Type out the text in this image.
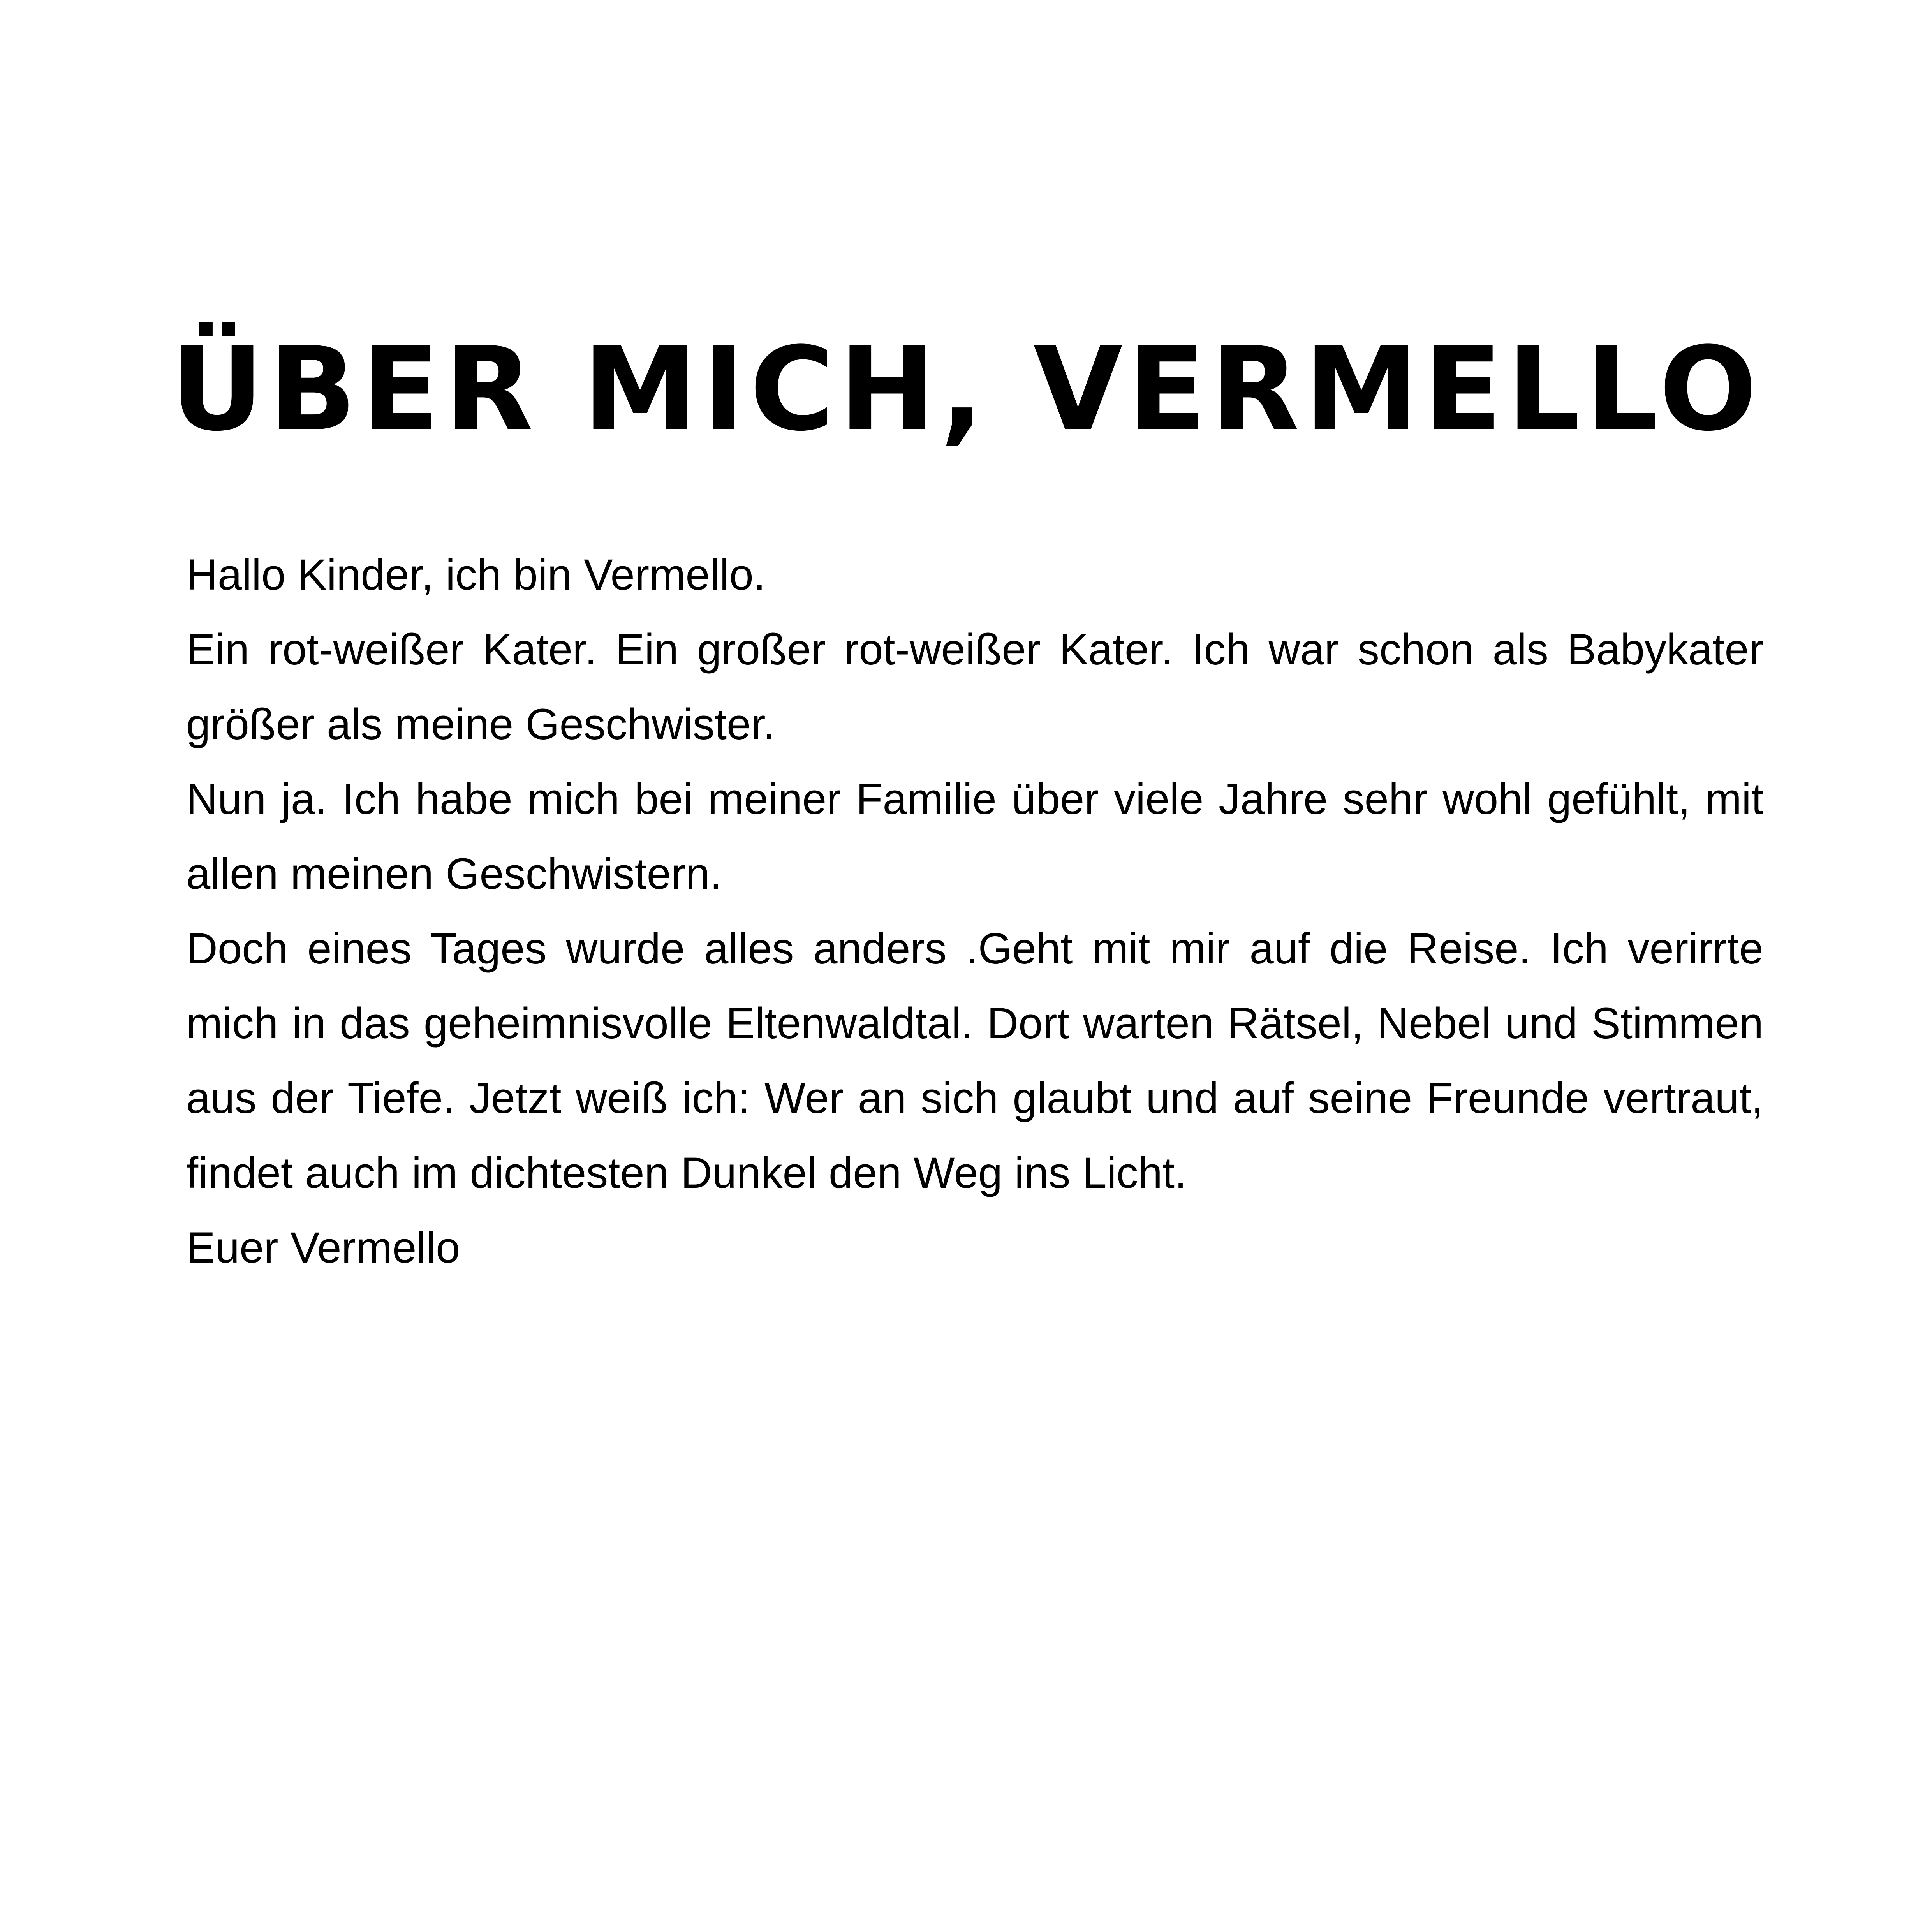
ÜBER MICH, VERMELLO

Hallo Kinder, ich bin Vermello.

Ein rot-weißer Kater. Ein großer rot-weißer Kater. Ich war schon als Babykater größer als meine Geschwister.

Nun ja. Ich habe mich bei meiner Familie über viele Jahre sehr wohl gefühlt, mit allen meinen Geschwistern.

Doch eines Tages wurde alles anders .Geht mit mir auf die Reise. Ich verirrte mich in das geheimnisvolle Eltenwaldtal. Dort warten Rätsel, Nebel und Stimmen aus der Tiefe. Jetzt weiß ich: Wer an sich glaubt und auf seine Freunde vertraut, findet auch im dichtesten Dunkel den Weg ins Licht.

Euer Vermello
